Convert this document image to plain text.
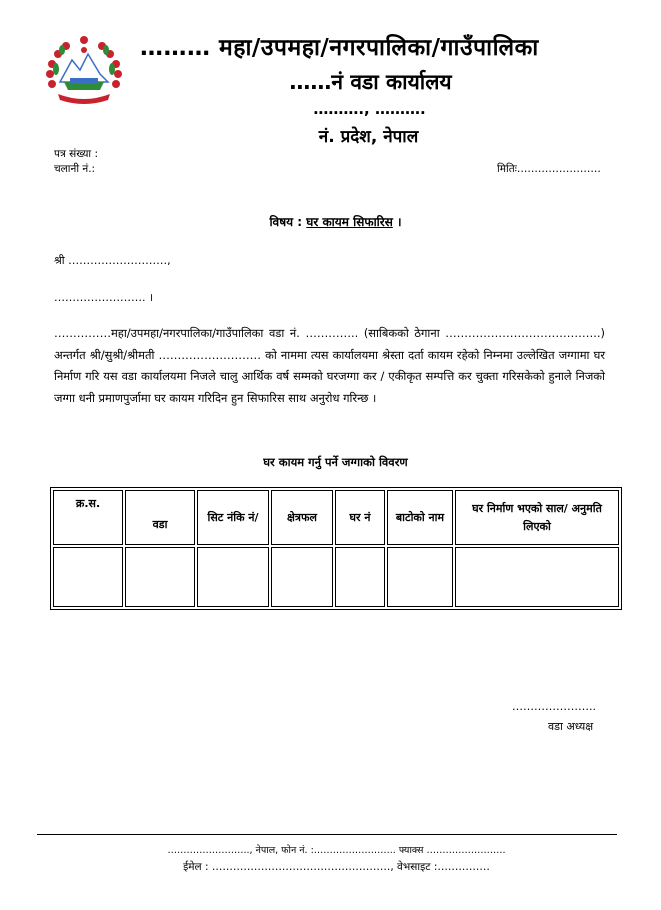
……… महा/उपमहा/नगरपालिका/गाउँपालिका
……नं वडा कार्यालय
………., ……….
नं. प्रदेश, नेपाल
पत्र संख्या :
चलानी नं.:	मितिः……………………
विषय : घर कायम सिफारिस ।
श्री ………………………,
……………………. ।
……………महा/उपमहा/नगरपालिका/गाउँपालिका वडा नं. ………….. (साबिकको ठेगाना …………………………………..) अन्तर्गत श्री/सुश्री/श्रीमती ……………………… को नाममा त्यस कार्यालयमा श्रेस्ता दर्ता कायम रहेको निम्नमा उल्लेखित जग्गामा घर निर्माण गरि यस वडा कार्यालयमा निजले चालु आर्थिक वर्ष सम्मको घरजग्गा कर / एकीकृत सम्पत्ति कर चुक्ता गरिसकेको हुनाले निजको जग्गा धनी प्रमाणपुर्जामा घर कायम गरिदिन हुन सिफारिस साथ अनुरोध गरिन्छ ।
घर कायम गर्नु पर्ने जग्गाको विवरण
क्र.स.	वडा	सिट नंकि नं/	क्षेत्रफल	घर नं	बाटोको नाम	घर निर्माण भएको साल/ अनुमति लिएको

…………………..
वडा अध्यक्ष
…………………….., नेपाल, फोन नं. :…………………….. फ्याक्स …………………….
ईमेल : ……………………………………………, वेभसाइट :……………
